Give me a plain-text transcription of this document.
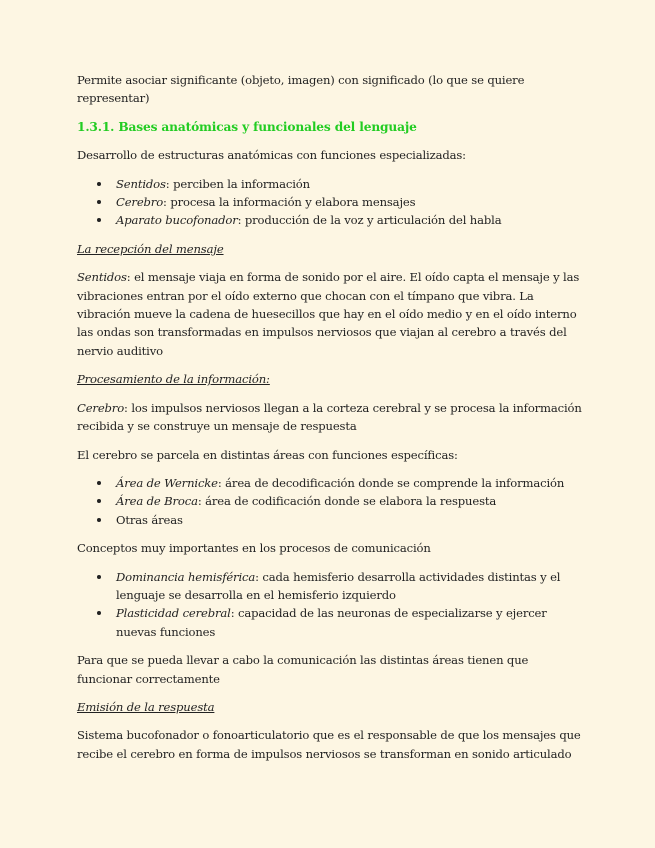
Permite asociar significante (objeto, imagen) con significado (lo que se quiere representar)

1.3.1. Bases anatómicas y funcionales del lenguaje

Desarrollo de estructuras anatómicas con funciones especializadas:

Sentidos: perciben la información
Cerebro: procesa la información y elabora mensajes
Aparato bucofonador: producción de la voz y articulación del habla

La recepción del mensaje

Sentidos: el mensaje viaja en forma de sonido por el aire. El oído capta el mensaje y las vibraciones entran por el oído externo que chocan con el tímpano que vibra. La vibración mueve la cadena de huesecillos que hay en el oído medio y en el oído interno las ondas son transformadas en impulsos nerviosos que viajan al cerebro a través del nervio auditivo

Procesamiento de la información:

Cerebro: los impulsos nerviosos llegan a la corteza cerebral y se procesa la información recibida y se construye un mensaje de respuesta

El cerebro se parcela en distintas áreas con funciones específicas:

Área de Wernicke: área de decodificación donde se comprende la información
Área de Broca: área de codificación donde se elabora la respuesta
Otras áreas

Conceptos muy importantes en los procesos de comunicación

Dominancia hemisférica: cada hemisferio desarrolla actividades distintas y el lenguaje se desarrolla en el hemisferio izquierdo
Plasticidad cerebral: capacidad de las neuronas de especializarse y ejercer nuevas funciones

Para que se pueda llevar a cabo la comunicación las distintas áreas tienen que funcionar correctamente

Emisión de la respuesta

Sistema bucofonador o fonoarticulatorio que es el responsable de que los mensajes que recibe el cerebro en forma de impulsos nerviosos se transforman en sonido articulado
